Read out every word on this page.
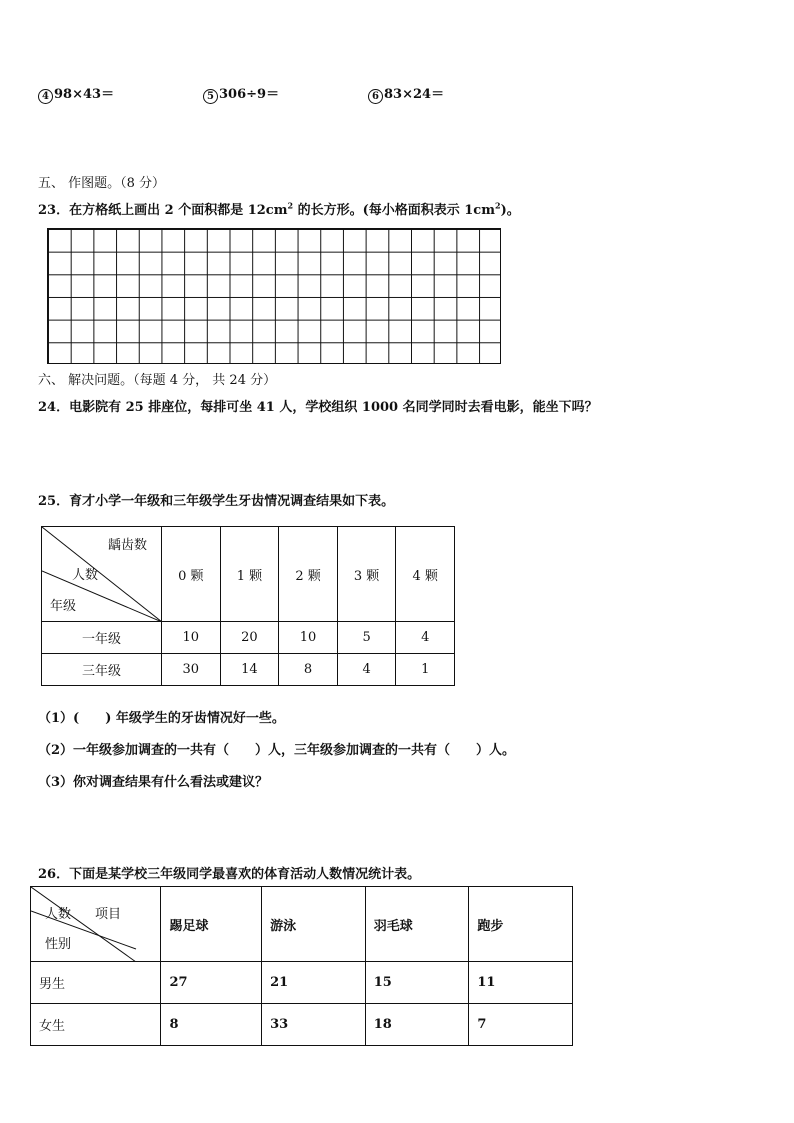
4 98×43＝	5 306÷9＝	6 83×24＝
五、 作图题。（8 分）
23．在方格纸上画出 2 个面积都是 $12cm^2$ 的长方形。(每小格面积表示 $1cm^2$)。
六、 解决问题。（每题 4 分， 共 24 分）
24．电影院有 25 排座位，每排可坐 41 人，学校组织 1000 名同学同时去看电影，能坐下吗？
25．育才小学一年级和三年级学生牙齿情况调查结果如下表。
龋齿数
人数
年级	0 颗	1 颗	2 颗	3 颗	4 颗
一年级	10	20	10	5	4
三年级	30	14	8	4	1
（1）(　　) 年级学生的牙齿情况好一些。
（2）一年级参加调查的一共有（　　）人，三年级参加调查的一共有（　　）人。
（3）你对调查结果有什么看法或建议？
26．下面是某学校三年级同学最喜欢的体育活动人数情况统计表。
项目
人数
性别	踢足球	游泳	羽毛球	跑步
男生	27	21	15	11
女生	8	33	18	7
